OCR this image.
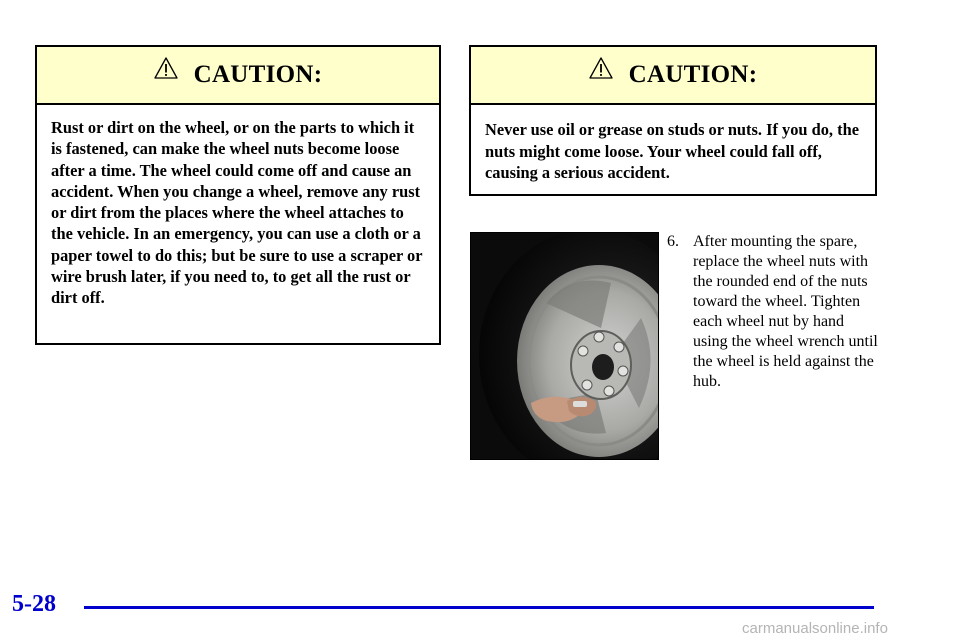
CAUTION:
Rust or dirt on the wheel, or on the parts to which it is fastened, can make the wheel nuts become loose after a time. The wheel could come off and cause an accident. When you change a wheel, remove any rust or dirt from the places where the wheel attaches to the vehicle. In an emergency, you can use a cloth or a paper towel to do this; but be sure to use a scraper or wire brush later, if you need to, to get all the rust or dirt off.
CAUTION:
Never use oil or grease on studs or nuts. If you do, the nuts might come loose. Your wheel could fall off, causing a serious accident.
6. After mounting the spare, replace the wheel nuts with the rounded end of the nuts toward the wheel. Tighten each wheel nut by hand using the wheel wrench until the wheel is held against the hub.
5-28
carmanualsonline.info
